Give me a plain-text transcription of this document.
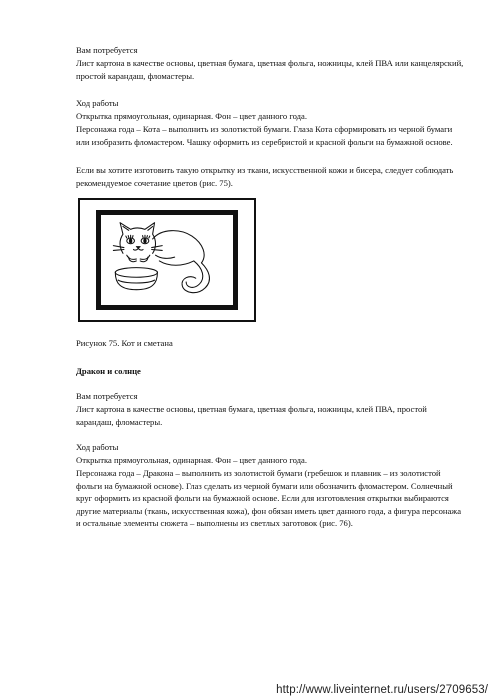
Вам потребуется

Лист картона в качестве основы, цветная бумага, цветная фольга, ножницы, клей ПВА или канцелярский, простой карандаш, фломастеры.

Ход работы

Открытка прямоугольная, одинарная. Фон – цвет данного года.

Персонажа года – Кота – выполнить из золотистой бумаги. Глаза Кота сформировать из черной бумаги или изобразить фломастером. Чашку оформить из серебристой и красной фольги на бумажной основе.

Если вы хотите изготовить такую открытку из ткани, искусственной кожи и бисера, следует соблюдать рекомендуемое сочетание цветов (рис. 75).

Рисунок 75. Кот и сметана

Дракон и солнце

Вам потребуется

Лист картона в качестве основы, цветная бумага, цветная фольга, ножницы, клей ПВА, простой карандаш, фломастеры.

Ход работы

Открытка прямоугольная, одинарная. Фон – цвет данного года.

Персонажа года – Дракона – выполнить из золотистой бумаги (гребешок и плавник – из золотистой фольги на бумажной основе). Глаз сделать из черной бумаги или обозначить фломастером. Солнечный круг оформить из красной фольги на бумажной основе. Если для изготовления открытки выбираются другие материалы (ткань, искусственная кожа), фон обязан иметь цвет данного года, а фигура персонажа и остальные элементы сюжета – выполнены из светлых заготовок (рис. 76).

http://www.liveinternet.ru/users/2709653/
